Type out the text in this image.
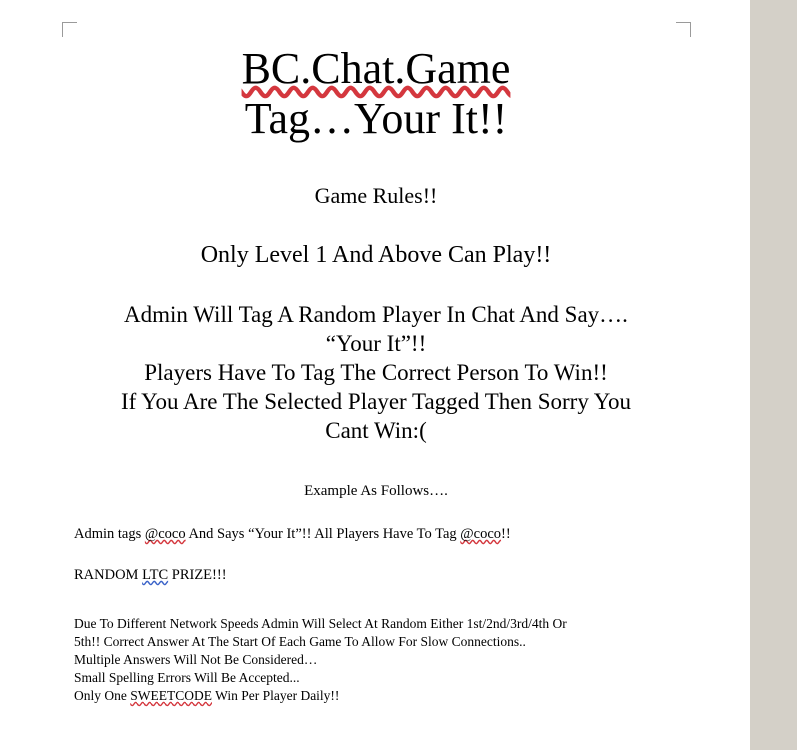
BC.Chat.Game
Tag…Your It!!
Game Rules!!
Only Level 1 And Above Can Play!!
Admin Will Tag A Random Player In Chat And Say….
“Your It”!!
Players Have To Tag The Correct Person To Win!!
If You Are The Selected Player Tagged Then Sorry You
Cant Win:(
Example As Follows….
Admin tags @coco And Says “Your It”!! All Players Have To Tag @coco!!
RANDOM LTC PRIZE!!!
Due To Different Network Speeds Admin Will Select At Random Either 1st/2nd/3rd/4th Or
5th!! Correct Answer At The Start Of Each Game To Allow For Slow Connections..
Multiple Answers Will Not Be Considered…
Small Spelling Errors Will Be Accepted...
Only One SWEETCODE Win Per Player Daily!!
